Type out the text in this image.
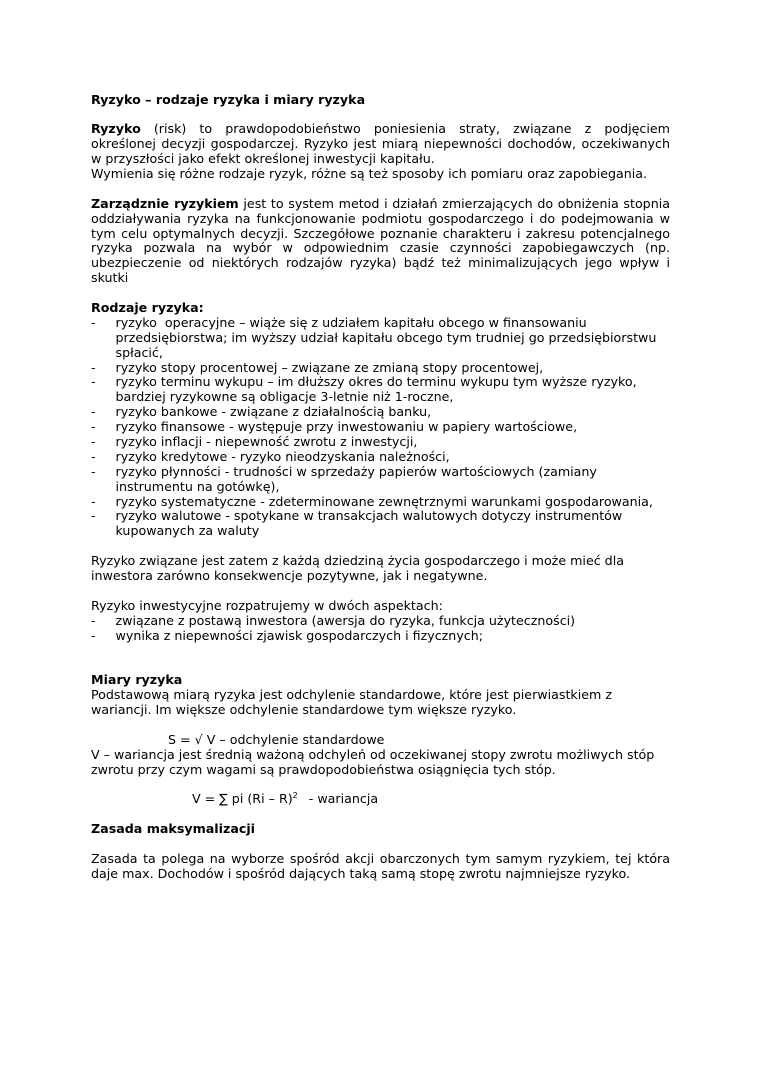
Ryzyko – rodzaje ryzyka i miary ryzyka
Ryzyko (risk) to prawdopodobieństwo poniesienia straty, związane z podjęciem
określonej decyzji gospodarczej. Ryzyko jest miarą niepewności dochodów, oczekiwanych
w przyszłości jako efekt określonej inwestycji kapitału.
Wymienia się różne rodzaje ryzyk, różne są też sposoby ich pomiaru oraz zapobiegania.
Zarządznie ryzykiem jest to system metod i działań zmierzających do obniżenia stopnia
oddziaływania ryzyka na funkcjonowanie podmiotu gospodarczego i do podejmowania w
tym celu optymalnych decyzji. Szczegółowe poznanie charakteru i zakresu potencjalnego
ryzyka pozwala na wybór w odpowiednim czasie czynności zapobiegawczych (np.
ubezpieczenie od niektórych rodzajów ryzyka) bądź też minimalizujących jego wpływ i
skutki
Rodzaje ryzyka:
- ryzyko  operacyjne – wiąże się z udziałem kapitału obcego w finansowaniu
przedsiębiorstwa; im wyższy udział kapitału obcego tym trudniej go przedsiębiorstwu
spłacić,
- ryzyko stopy procentowej – związane ze zmianą stopy procentowej,
- ryzyko terminu wykupu – im dłuższy okres do terminu wykupu tym wyższe ryzyko,
bardziej ryzykowne są obligacje 3-letnie niż 1-roczne,
- ryzyko bankowe - związane z działalnością banku,
- ryzyko finansowe - występuje przy inwestowaniu w papiery wartościowe,
- ryzyko inflacji - niepewność zwrotu z inwestycji,
- ryzyko kredytowe - ryzyko nieodzyskania należności,
- ryzyko płynności - trudności w sprzedaży papierów wartościowych (zamiany
instrumentu na gotówkę),
- ryzyko systematyczne - zdeterminowane zewnętrznymi warunkami gospodarowania,
- ryzyko walutowe - spotykane w transakcjach walutowych dotyczy instrumentów
kupowanych za waluty
Ryzyko związane jest zatem z każdą dziedziną życia gospodarczego i może mieć dla
inwestora zarówno konsekwencje pozytywne, jak i negatywne.
Ryzyko inwestycyjne rozpatrujemy w dwóch aspektach:
- związane z postawą inwestora (awersja do ryzyka, funkcja użyteczności)
- wynika z niepewności zjawisk gospodarczych i fizycznych;
Miary ryzyka
Podstawową miarą ryzyka jest odchylenie standardowe, które jest pierwiastkiem z
wariancji. Im większe odchylenie standardowe tym większe ryzyko.
S = √ V – odchylenie standardowe
V – wariancja jest średnią ważoną odchyleń od oczekiwanej stopy zwrotu możliwych stóp
zwrotu przy czym wagami są prawdopodobieństwa osiągnięcia tych stóp.
V = ∑ pi (Ri – R)$^2$ - wariancja
Zasada maksymalizacji
Zasada ta polega na wyborze spośród akcji obarczonych tym samym ryzykiem, tej która
daje max. Dochodów i spośród dających taką samą stopę zwrotu najmniejsze ryzyko.
